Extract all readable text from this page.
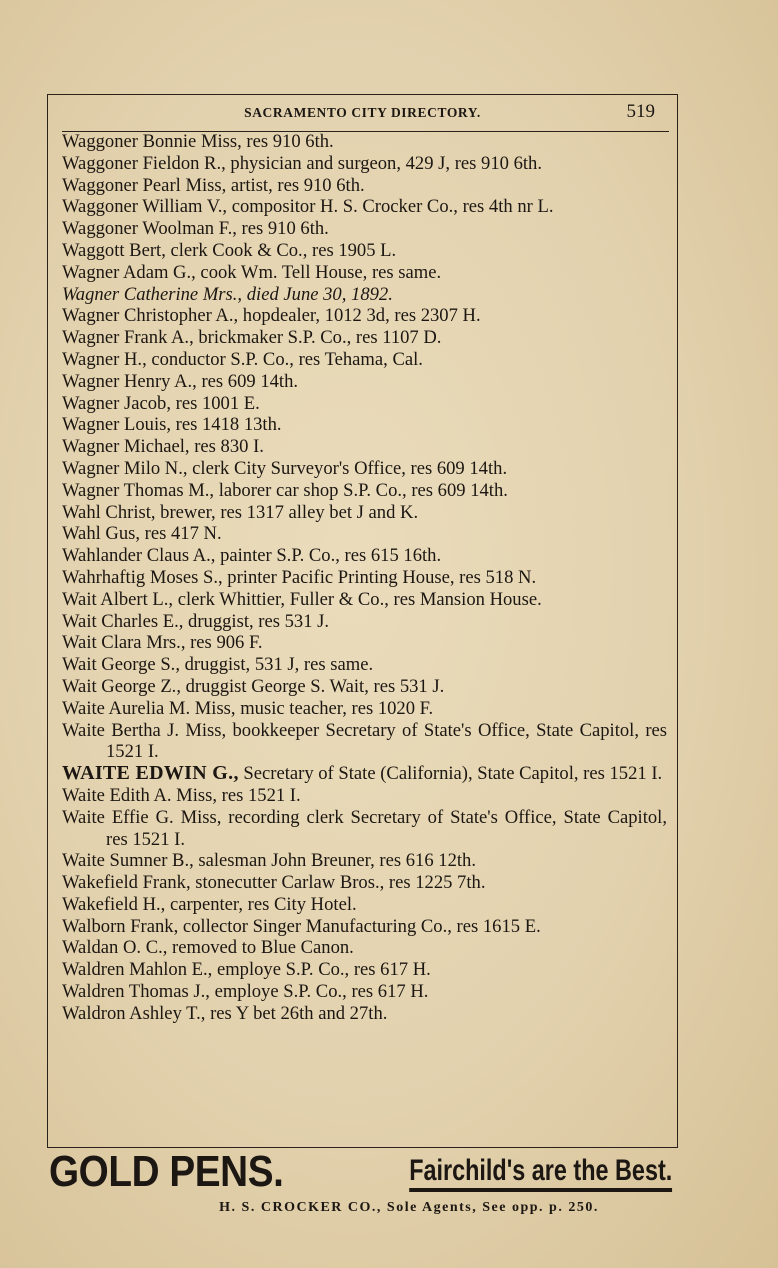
SACRAMENTO CITY DIRECTORY.	519
Waggoner Bonnie Miss, res 910 6th.
Waggoner Fieldon R., physician and surgeon, 429 J, res 910 6th.
Waggoner Pearl Miss, artist, res 910 6th.
Waggoner William V., compositor H. S. Crocker Co., res 4th nr L.
Waggoner Woolman F., res 910 6th.
Waggott Bert, clerk Cook & Co., res 1905 L.
Wagner Adam G., cook Wm. Tell House, res same.
Wagner Catherine Mrs., died June 30, 1892.
Wagner Christopher A., hopdealer, 1012 3d, res 2307 H.
Wagner Frank A., brickmaker S.P. Co., res 1107 D.
Wagner H., conductor S.P. Co., res Tehama, Cal.
Wagner Henry A., res 609 14th.
Wagner Jacob, res 1001 E.
Wagner Louis, res 1418 13th.
Wagner Michael, res 830 I.
Wagner Milo N., clerk City Surveyor's Office, res 609 14th.
Wagner Thomas M., laborer car shop S.P. Co., res 609 14th.
Wahl Christ, brewer, res 1317 alley bet J and K.
Wahl Gus, res 417 N.
Wahlander Claus A., painter S.P. Co., res 615 16th.
Wahrhaftig Moses S., printer Pacific Printing House, res 518 N.
Wait Albert L., clerk Whittier, Fuller & Co., res Mansion House.
Wait Charles E., druggist, res 531 J.
Wait Clara Mrs., res 906 F.
Wait George S., druggist, 531 J, res same.
Wait George Z., druggist George S. Wait, res 531 J.
Waite Aurelia M. Miss, music teacher, res 1020 F.
Waite Bertha J. Miss, bookkeeper Secretary of State's Office, State Capitol, res 1521 I.
WAITE EDWIN G., Secretary of State (California), State Capitol, res 1521 I.
Waite Edith A. Miss, res 1521 I.
Waite Effie G. Miss, recording clerk Secretary of State's Office, State Capitol, res 1521 I.
Waite Sumner B., salesman John Breuner, res 616 12th.
Wakefield Frank, stonecutter Carlaw Bros., res 1225 7th.
Wakefield H., carpenter, res City Hotel.
Walborn Frank, collector Singer Manufacturing Co., res 1615 E.
Waldan O. C., removed to Blue Canon.
Waldren Mahlon E., employe S.P. Co., res 617 H.
Waldren Thomas J., employe S.P. Co., res 617 H.
Waldron Ashley T., res Y bet 26th and 27th.
GOLD PENS.	Fairchild's are the Best.
H. S. CROCKER CO., Sole Agents, See opp. p. 250.
